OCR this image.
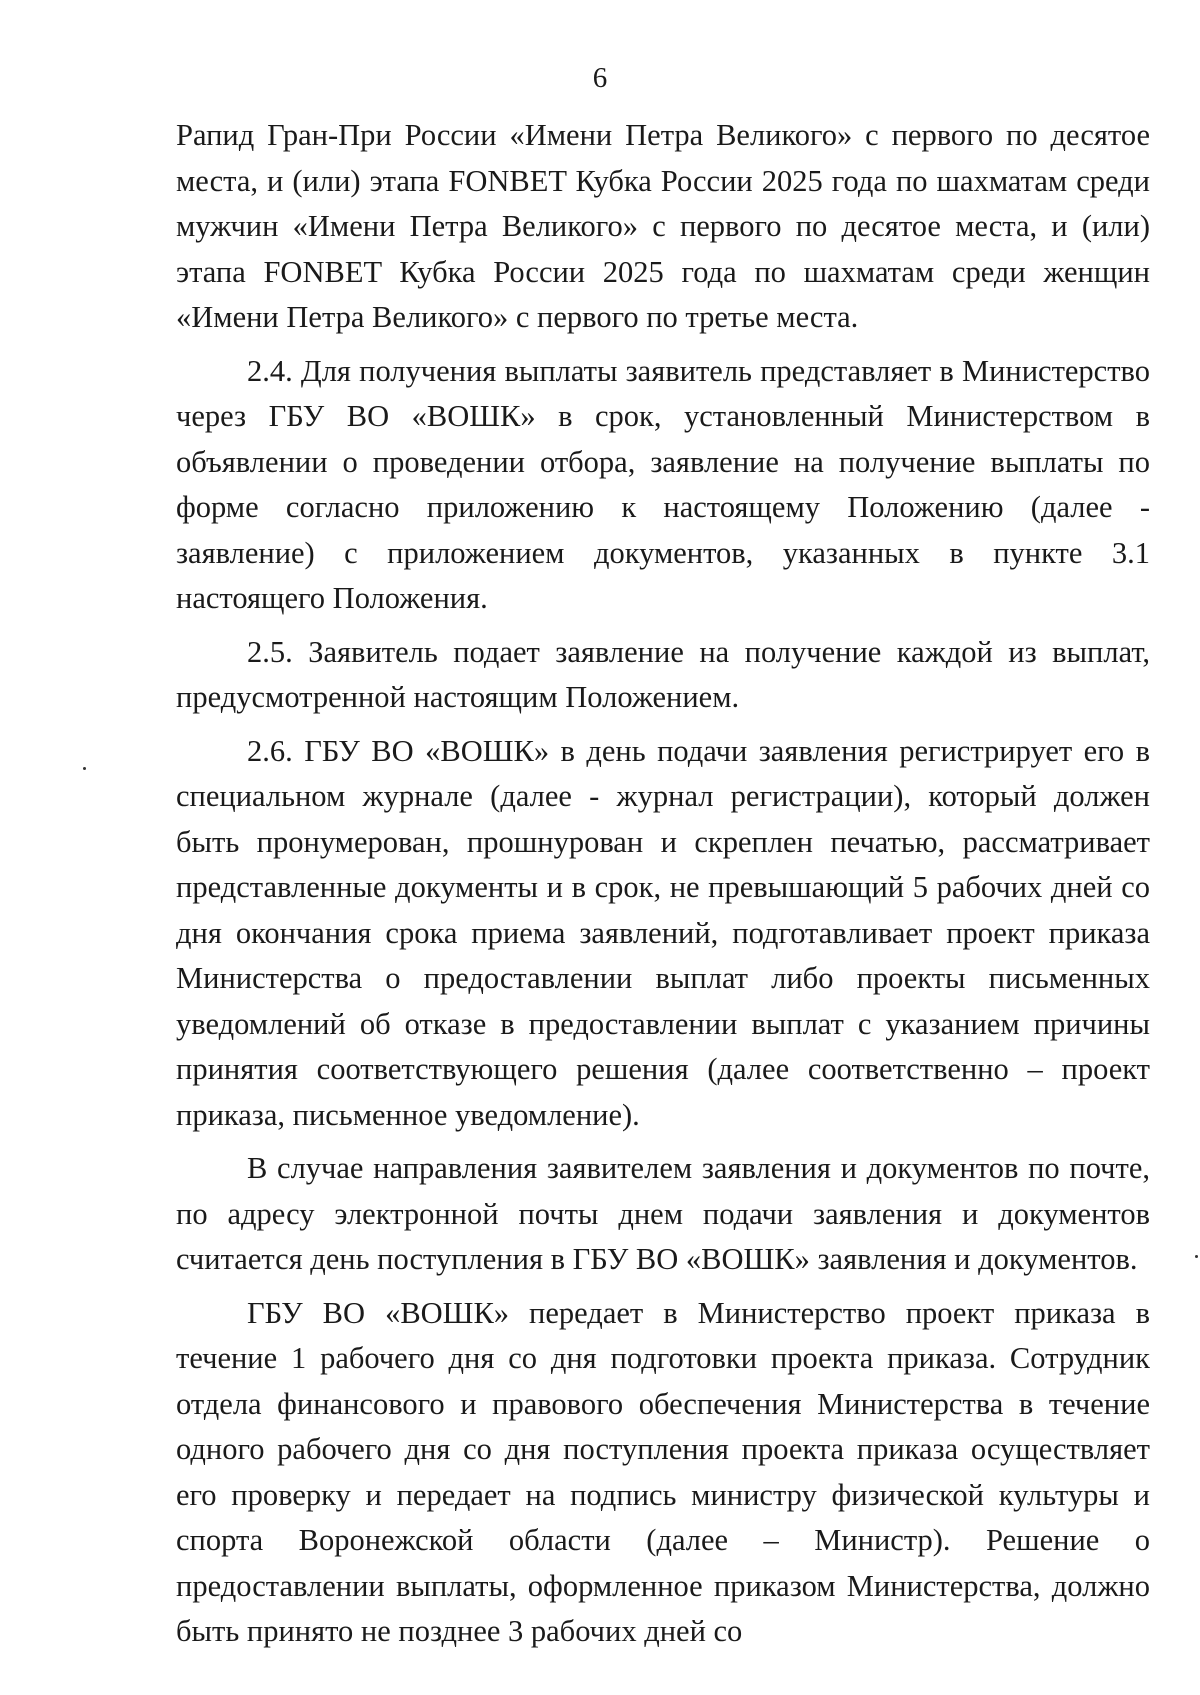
6

Рапид Гран-При России «Имени Петра Великого» с первого по десятое места, и (или) этапа FONBET Кубка России 2025 года по шахматам среди мужчин «Имени Петра Великого» с первого по десятое места, и (или) этапа FONBET Кубка России 2025 года по шахматам среди женщин «Имени Петра Великого» с первого по третье места.

2.4. Для получения выплаты заявитель представляет в Министерство через ГБУ ВО «ВОШК» в срок, установленный Министерством в объявлении о проведении отбора, заявление на получение выплаты по форме согласно приложению к настоящему Положению (далее - заявление) с приложением документов, указанных в пункте 3.1 настоящего Положения.

2.5. Заявитель подает заявление на получение каждой из выплат, предусмотренной настоящим Положением.

2.6. ГБУ ВО «ВОШК» в день подачи заявления регистрирует его в специальном журнале (далее - журнал регистрации), который должен быть пронумерован, прошнурован и скреплен печатью, рассматривает представленные документы и в срок, не превышающий 5 рабочих дней со дня окончания срока приема заявлений, подготавливает проект приказа Министерства о предоставлении выплат либо проекты письменных уведомлений об отказе в предоставлении выплат с указанием причины принятия соответствующего решения (далее соответственно – проект приказа, письменное уведомление).

В случае направления заявителем заявления и документов по почте, по адресу электронной почты днем подачи заявления и документов считается день поступления в ГБУ ВО «ВОШК» заявления и документов.

ГБУ ВО «ВОШК» передает в Министерство проект приказа в течение 1 рабочего дня со дня подготовки проекта приказа. Сотрудник отдела финансового и правового обеспечения Министерства в течение одного рабочего дня со дня поступления проекта приказа осуществляет его проверку и передает на подпись министру физической культуры и спорта Воронежской области (далее – Министр). Решение о предоставлении выплаты, оформленное приказом Министерства, должно быть принято не позднее 3 рабочих дней со
